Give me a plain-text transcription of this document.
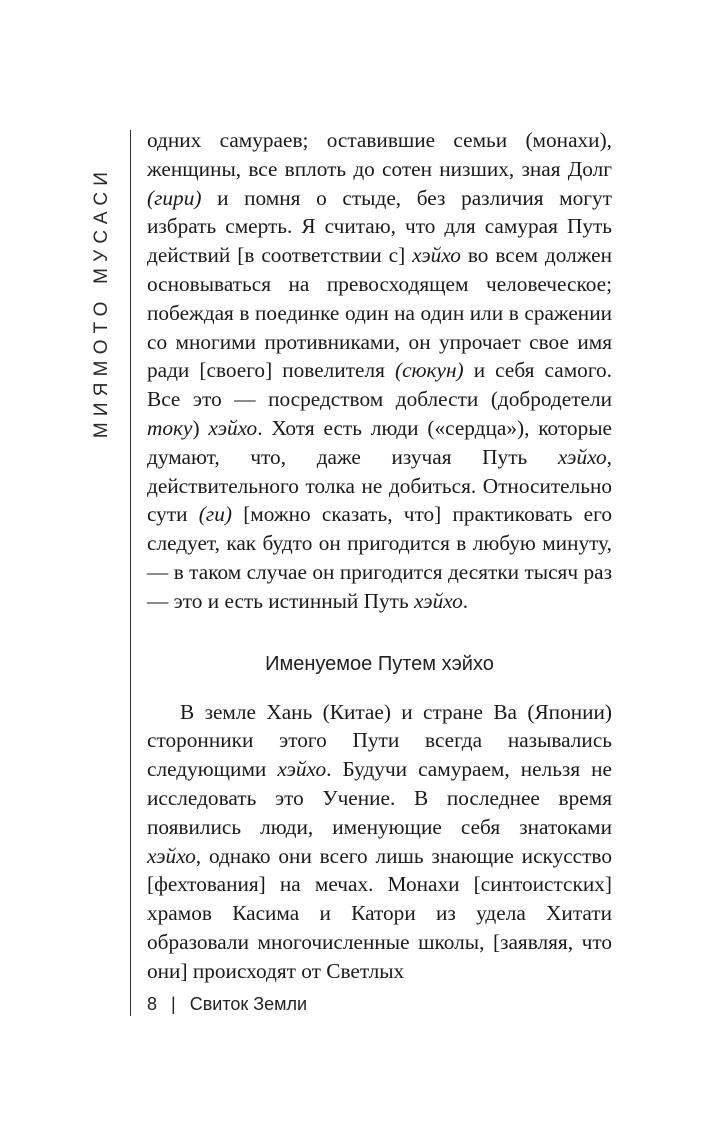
МИЯМОТО МУСАСИ

одних самураев; оставившие семьи (монахи), женщины, все вплоть до сотен низших, зная Долг (гири) и помня о стыде, без различия могут избрать смерть. Я считаю, что для самурая Путь действий [в соответствии с] хэйхо во всем должен основываться на превосходящем человеческое; побеждая в поединке один на один или в сражении со многими противниками, он упрочает свое имя ради [своего] повелителя (сюкун) и себя самого. Все это — посредством доблести (добродетели току) хэйхо. Хотя есть люди («сердца»), которые думают, что, даже изучая Путь хэйхо, действительного толка не добиться. Относительно сути (ги) [можно сказать, что] практиковать его следует, как будто он пригодится в любую минуту, — в таком случае он пригодится десятки тысяч раз — это и есть истинный Путь хэйхо.

Именуемое Путем хэйхо

В земле Хань (Китае) и стране Ва (Японии) сторонники этого Пути всегда назывались следующими хэйхо. Будучи самураем, нельзя не исследовать это Учение. В последнее время появились люди, именующие себя знатоками хэйхо, однако они всего лишь знающие искусство [фехтования] на мечах. Монахи [синтоистских] храмов Касима и Катори из удела Хитати образовали многочисленные школы, [заявляя, что они] происходят от Светлых

8 | Свиток Земли
